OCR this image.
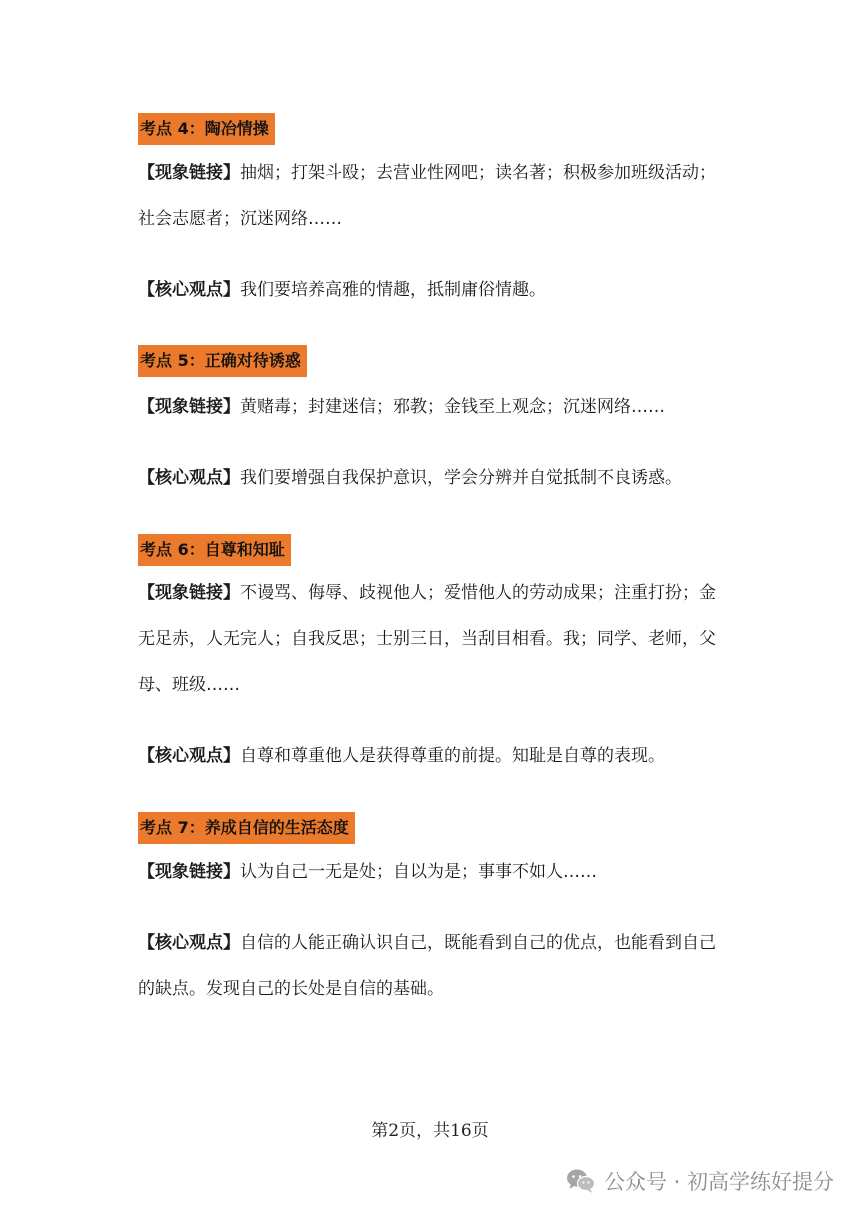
考点 4：陶冶情操

【现象链接】抽烟；打架斗殴；去营业性网吧；读名著；积极参加班级活动；社会志愿者；沉迷网络……

【核心观点】我们要培养高雅的情趣，抵制庸俗情趣。

考点 5：正确对待诱惑

【现象链接】黄赌毒；封建迷信；邪教；金钱至上观念；沉迷网络……

【核心观点】我们要增强自我保护意识，学会分辨并自觉抵制不良诱惑。

考点 6：自尊和知耻

【现象链接】不谩骂、侮辱、歧视他人；爱惜他人的劳动成果；注重打扮；金无足赤，人无完人；自我反思；士别三日，当刮目相看。我；同学、老师，父母、班级……

【核心观点】自尊和尊重他人是获得尊重的前提。知耻是自尊的表现。

考点 7：养成自信的生活态度

【现象链接】认为自己一无是处；自以为是；事事不如人……

【核心观点】自信的人能正确认识自己，既能看到自己的优点，也能看到自己的缺点。发现自己的长处是自信的基础。

第2页，共16页
公众号 · 初高学练好提分
